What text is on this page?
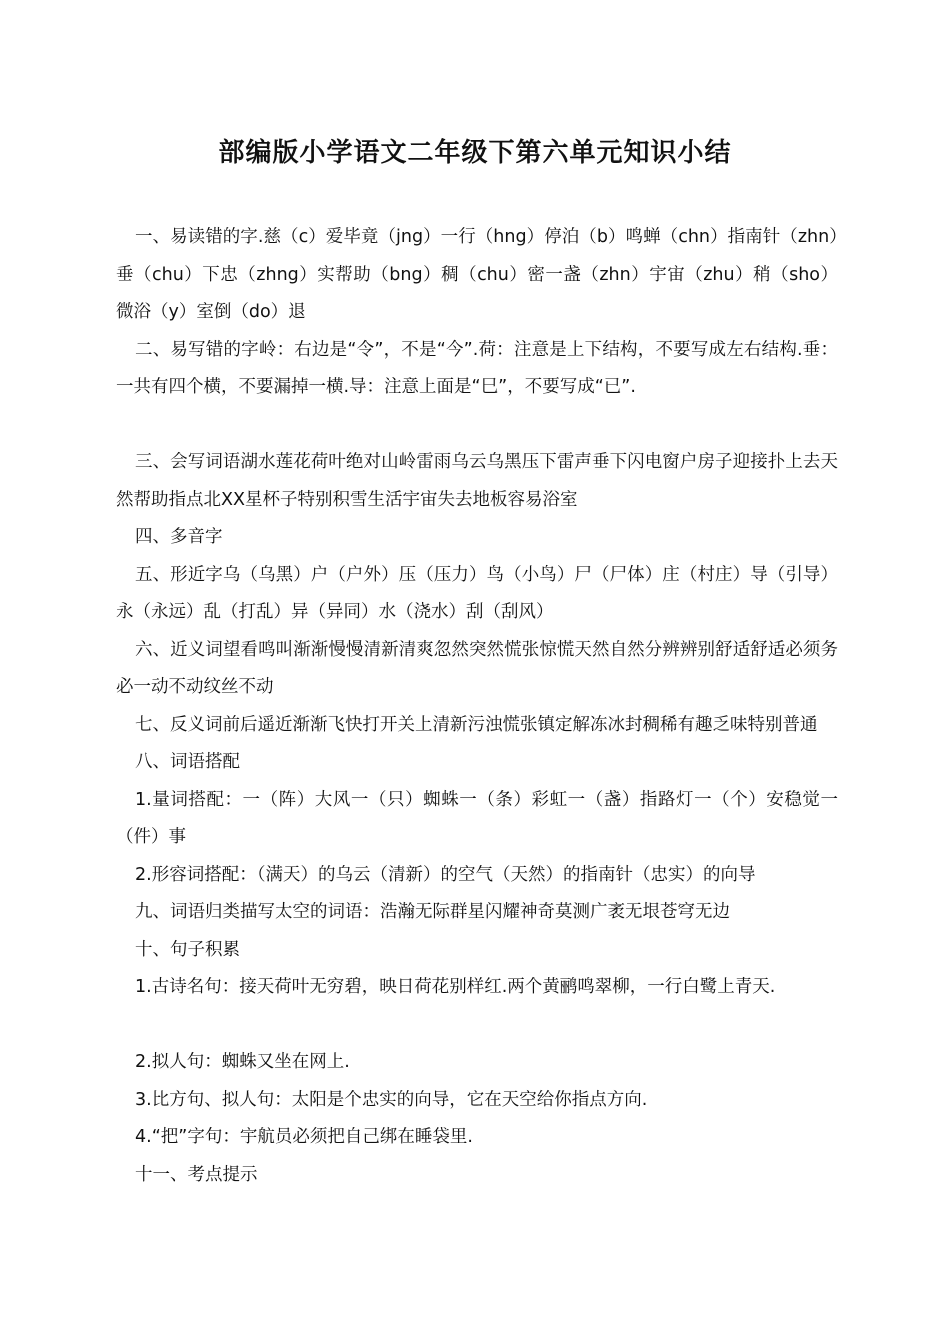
部编版小学语文二年级下第六单元知识小结

一、易读错的字.慈（c）爱毕竟（jng）一行（hng）停泊（b）鸣蝉（chn）指南针（zhn）垂（chu）下忠（zhng）实帮助（bng）稠（chu）密一盏（zhn）宇宙（zhu）稍（sho）微浴（y）室倒（do）退

二、易写错的字岭：右边是“令”，不是“今”.荷：注意是上下结构，不要写成左右结构.垂：一共有四个横，不要漏掉一横.导：注意上面是“巳”，不要写成“已”.

三、会写词语湖水莲花荷叶绝对山岭雷雨乌云乌黑压下雷声垂下闪电窗户房子迎接扑上去天然帮助指点北XX星杯子特别积雪生活宇宙失去地板容易浴室

四、多音字

五、形近字乌（乌黑）户（户外）压（压力）鸟（小鸟）尸（尸体）庄（村庄）导（引导）永（永远）乱（打乱）异（异同）水（浇水）刮（刮风）

六、近义词望看鸣叫渐渐慢慢清新清爽忽然突然慌张惊慌天然自然分辨辨别舒适舒适必须务必一动不动纹丝不动

七、反义词前后遥近渐渐飞快打开关上清新污浊慌张镇定解冻冰封稠稀有趣乏味特别普通

八、词语搭配

1.量词搭配：一（阵）大风一（只）蜘蛛一（条）彩虹一（盏）指路灯一（个）安稳觉一（件）事

2.形容词搭配：（满天）的乌云（清新）的空气（天然）的指南针（忠实）的向导

九、词语归类描写太空的词语：浩瀚无际群星闪耀神奇莫测广袤无垠苍穹无边

十、句子积累

1.古诗名句：接天荷叶无穷碧，映日荷花别样红.两个黄鹂鸣翠柳，一行白鹭上青天.

2.拟人句：蜘蛛又坐在网上.

3.比方句、拟人句：太阳是个忠实的向导，它在天空给你指点方向.

4.“把”字句：宇航员必须把自己绑在睡袋里.

十一、考点提示
